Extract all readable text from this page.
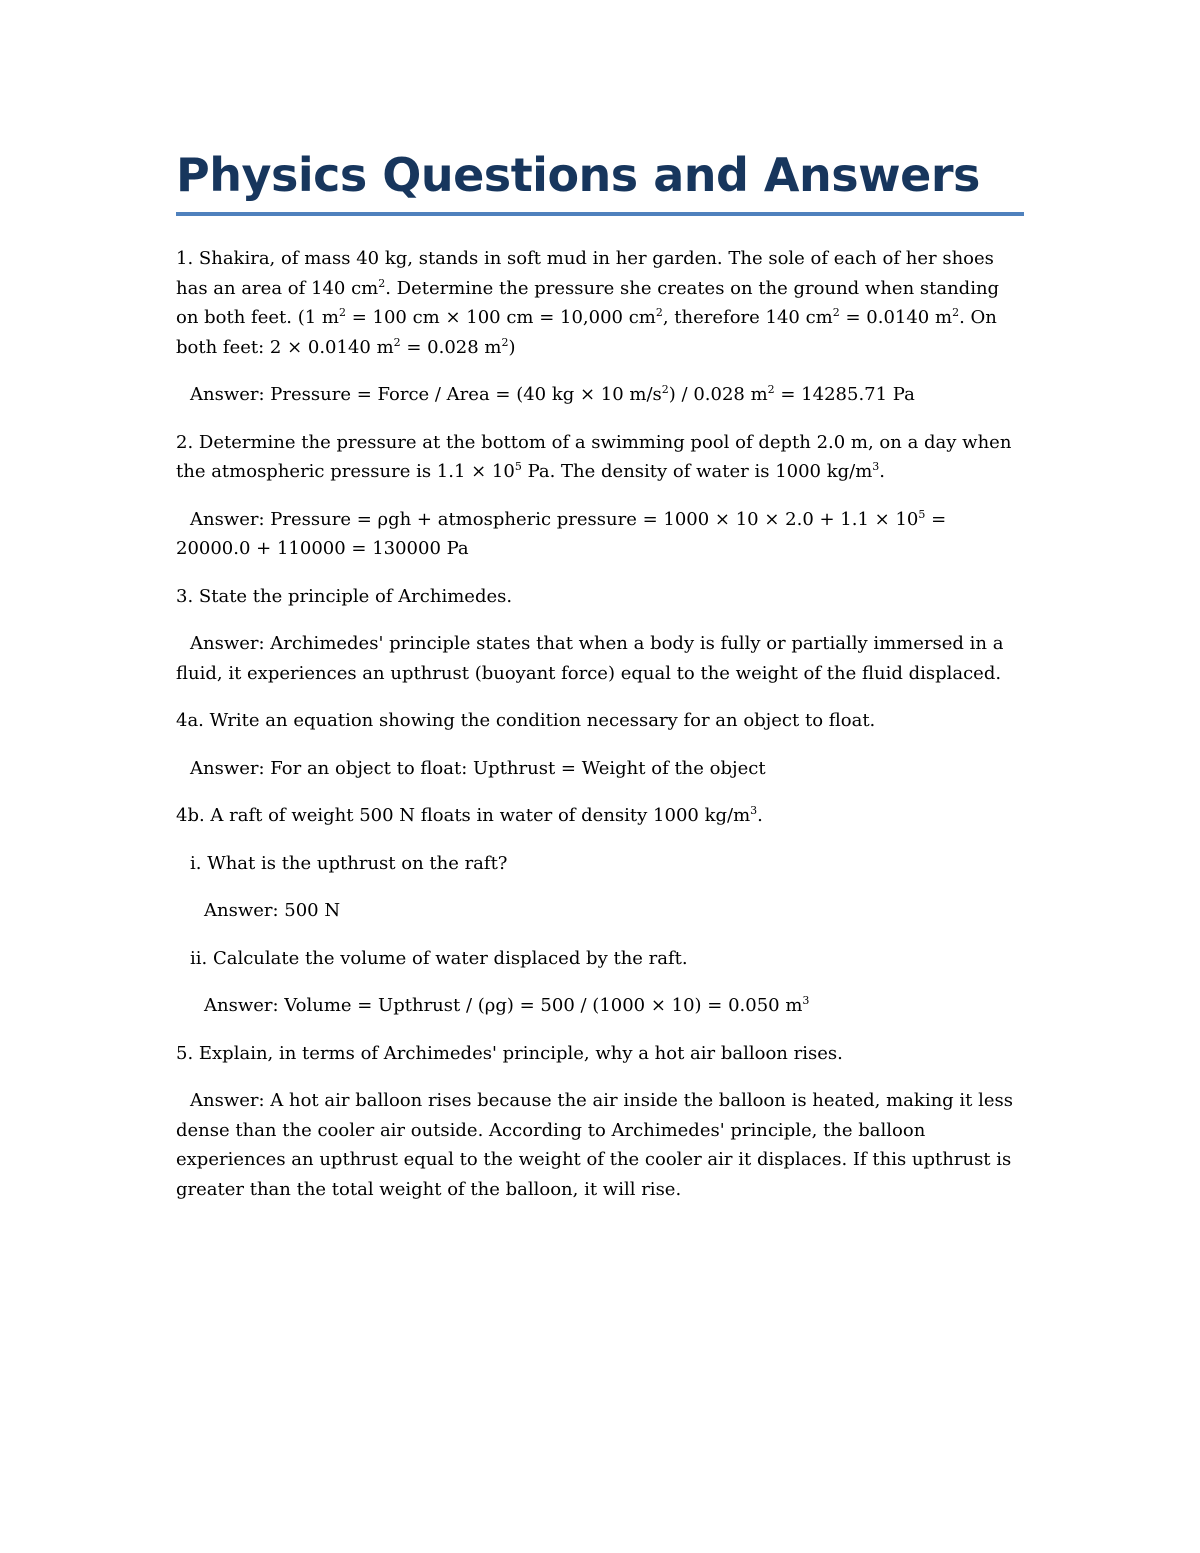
Physics Questions and Answers

1. Shakira, of mass 40 kg, stands in soft mud in her garden. The sole of each of her shoes has an area of 140 $cm^2$. Determine the pressure she creates on the ground when standing on both feet. (1 $m^2 = 100$ cm × 100 cm = 10,000 $cm^2$, therefore 140 $cm^2 = 0.0140$ $m^2$. On both feet: 2 × 0.0140 $m^2 = 0.028$ $m^2$)

Answer: Pressure = Force / Area = (40 kg × 10 $m/s^2) / 0.028$ $m^2 = 14285.71$ Pa

2. Determine the pressure at the bottom of a swimming pool of depth 2.0 m, on a day when the atmospheric pressure is $1.1 \times 10^5$ Pa. The density of water is 1000 $kg/m^3$.

Answer: Pressure = ρgh + atmospheric pressure = $1000 \times 10 \times 2.0 + 1.1 \times 10^5 = 20000.0 + 110000 = 130000$ Pa

3. State the principle of Archimedes.

Answer: Archimedes' principle states that when a body is fully or partially immersed in a fluid, it experiences an upthrust (buoyant force) equal to the weight of the fluid displaced.

4a. Write an equation showing the condition necessary for an object to float.

Answer: For an object to float: Upthrust = Weight of the object

4b. A raft of weight 500 N floats in water of density 1000 $kg/m^3$.

i. What is the upthrust on the raft?

Answer: 500 N

ii. Calculate the volume of water displaced by the raft.

Answer: Volume = Upthrust / (ρg) = 500 / (1000 × 10) = 0.050 $m^3$

5. Explain, in terms of Archimedes' principle, why a hot air balloon rises.

Answer: A hot air balloon rises because the air inside the balloon is heated, making it less dense than the cooler air outside. According to Archimedes' principle, the balloon experiences an upthrust equal to the weight of the cooler air it displaces. If this upthrust is greater than the total weight of the balloon, it will rise.
